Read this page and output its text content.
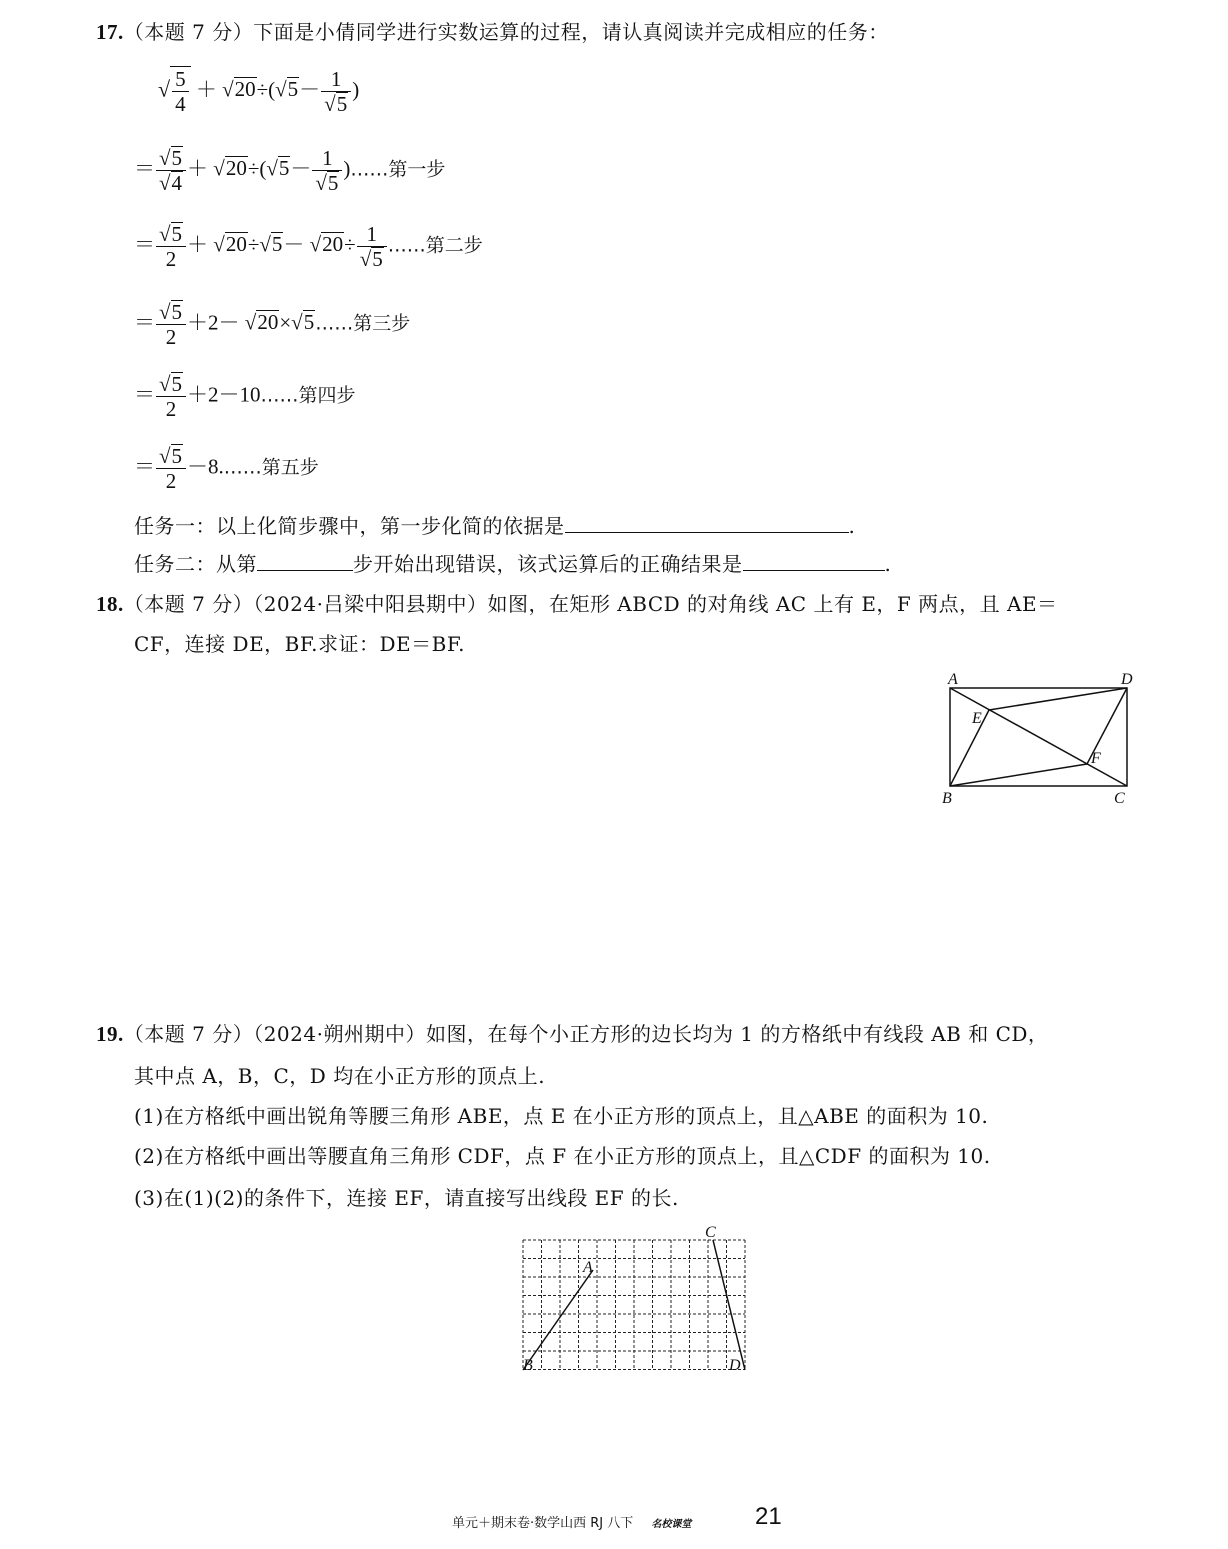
17.（本题 7 分）下面是小倩同学进行实数运算的过程，请认真阅读并完成相应的任务：
√ $\frac{5}{4} + √20\div(√5- \frac{1}{√5}$ )
＝ $\frac{√5}{√4} + √20\div(√5- \frac{1}{√5}$ )……第一步
＝ $\frac{√5}{2} + √20\div√5- √20\div \frac{1}{√5}$ ……第二步
＝ $\frac{√5}{2} +2-$ √20×√5……第三步
＝ $\frac{√5}{2}$ ＋2－10……第四步
＝ $\frac{√5}{2}$ －8.……第五步
任务一：以上化简步骤中，第一步化简的依据是	.
任务二：从第	步开始出现错误，该式运算后的正确结果是	.
18.（本题 7 分）（2024·吕梁中阳县期中）如图，在矩形 ABCD 的对角线 AC 上有 E，F 两点，且 AE＝
CF，连接 DE，BF.求证：DE＝BF.
A	D
E
F
B	C
19.（本题 7 分）（2024·朔州期中）如图，在每个小正方形的边长均为 1 的方格纸中有线段 AB 和 CD，
其中点 A，B，C，D 均在小正方形的顶点上.
(1)在方格纸中画出锐角等腰三角形 ABE，点 E 在小正方形的顶点上，且△ABE 的面积为 10.
(2)在方格纸中画出等腰直角三角形 CDF，点 F 在小正方形的顶点上，且△CDF 的面积为 10.
(3)在(1)(2)的条件下，连接 EF，请直接写出线段 EF 的长.
A
B
C
D
单元＋期末卷·数学山西 RJ 八下 名校课堂	21
